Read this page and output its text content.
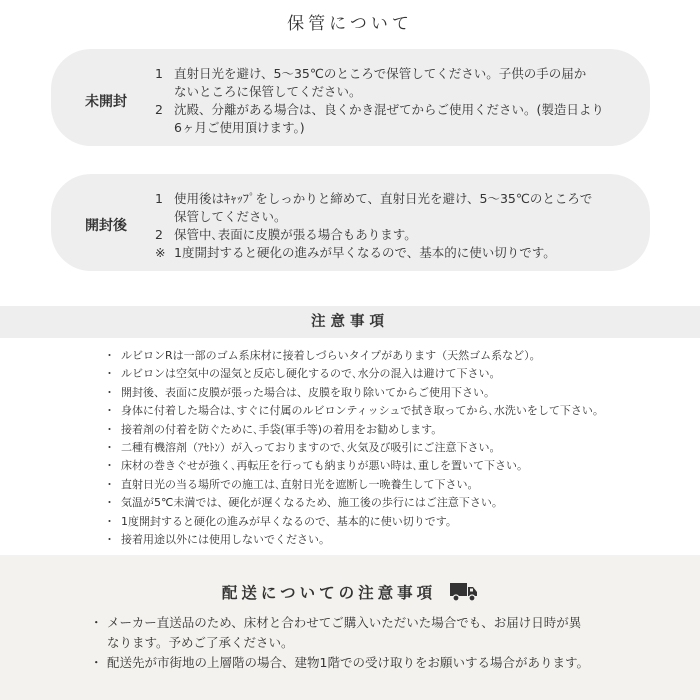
保管について
未開封
1 直射日光を避け、5～35℃のところで保管してください。子供の手の届か
ないところに保管してください。
2 沈殿、分離がある場合は、良くかき混ぜてからご使用ください。(製造日より
6ヶ月ご使用頂けます。)
開封後
1 使用後はｷｬｯﾌﾟをしっかりと締めて、直射日光を避け、5～35℃のところで
保管してください。
2 保管中､表面に皮膜が張る場合もあります。
※ 1度開封すると硬化の進みが早くなるので、基本的に使い切りです。
注意事項
・ ルビロンRは一部のゴム系床材に接着しづらいタイプがあります（天然ゴム系など）。
・ ルビロンは空気中の湿気と反応し硬化するので､水分の混入は避けて下さい。
・ 開封後、表面に皮膜が張った場合は、皮膜を取り除いてからご使用下さい。
・ 身体に付着した場合は､すぐに付属のルビロンティッシュで拭き取ってから､水洗いをして下さい。
・ 接着剤の付着を防ぐために､手袋(軍手等)の着用をお勧めします。
・ 二種有機溶剤（ｱｾﾄﾝ）が入っておりますので､火気及び吸引にご注意下さい。
・ 床材の巻きぐせが強く､再転圧を行っても納まりが悪い時は､重しを置いて下さい。
・ 直射日光の当る場所での施工は､直射日光を遮断し一晩養生して下さい。
・ 気温が5℃未満では、硬化が遅くなるため、施工後の歩行にはご注意下さい。
・ 1度開封すると硬化の進みが早くなるので、基本的に使い切りです。
・ 接着用途以外には使用しないでください。
配送についての注意事項
・ メーカー直送品のため、床材と合わせてご購入いただいた場合でも、お届け日時が異
なります。予めご了承ください。
・ 配送先が市街地の上層階の場合、建物1階での受け取りをお願いする場合があります。
